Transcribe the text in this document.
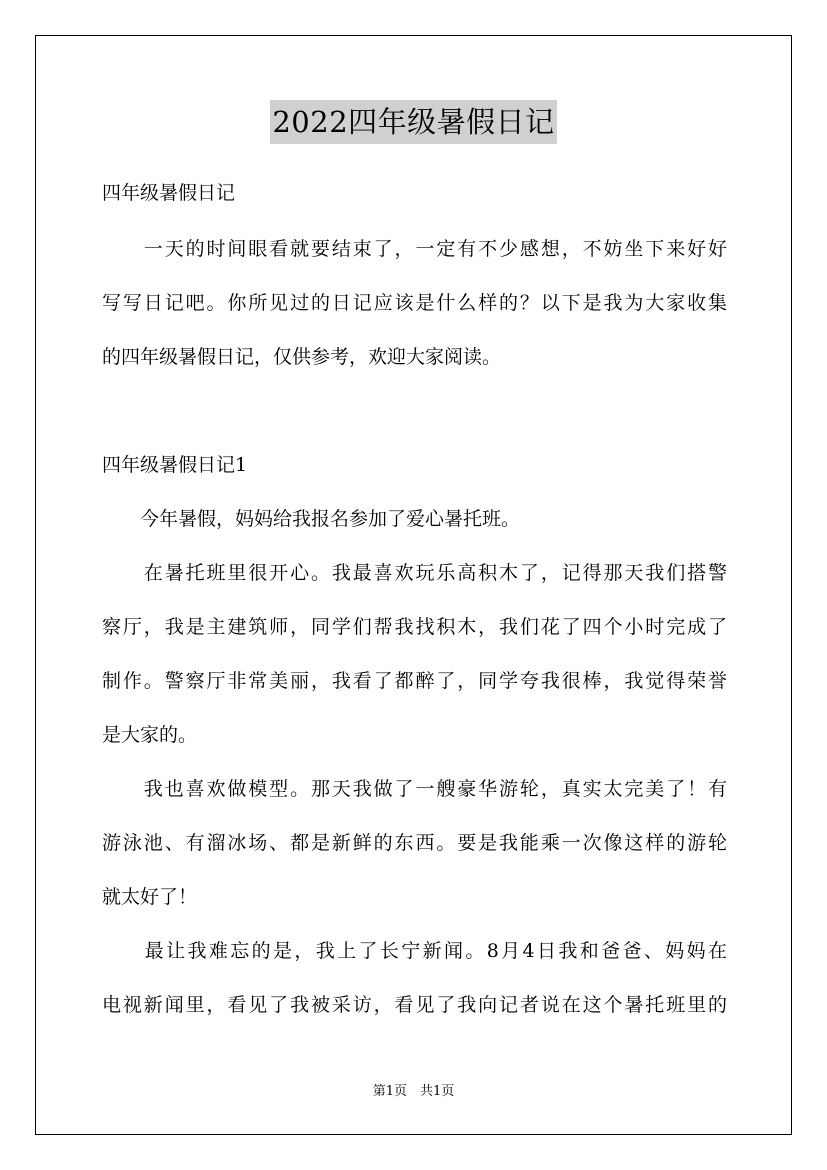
2022四年级暑假日记
四年级暑假日记
　　一天的时间眼看就要结束了，一定有不少感想，不妨坐下来好好
写写日记吧。你所见过的日记应该是什么样的？以下是我为大家收集
的四年级暑假日记，仅供参考，欢迎大家阅读。
四年级暑假日记1
　　今年暑假，妈妈给我报名参加了爱心暑托班。
　　在暑托班里很开心。我最喜欢玩乐高积木了，记得那天我们搭警
察厅，我是主建筑师，同学们帮我找积木，我们花了四个小时完成了
制作。警察厅非常美丽，我看了都醉了，同学夸我很棒，我觉得荣誉
是大家的。
　　我也喜欢做模型。那天我做了一艘豪华游轮，真实太完美了！有
游泳池、有溜冰场、都是新鲜的东西。要是我能乘一次像这样的游轮
就太好了！
　　最让我难忘的是，我上了长宁新闻。8月4日我和爸爸、妈妈在
电视新闻里，看见了我被采访，看见了我向记者说在这个暑托班里的
第1页　共1页
